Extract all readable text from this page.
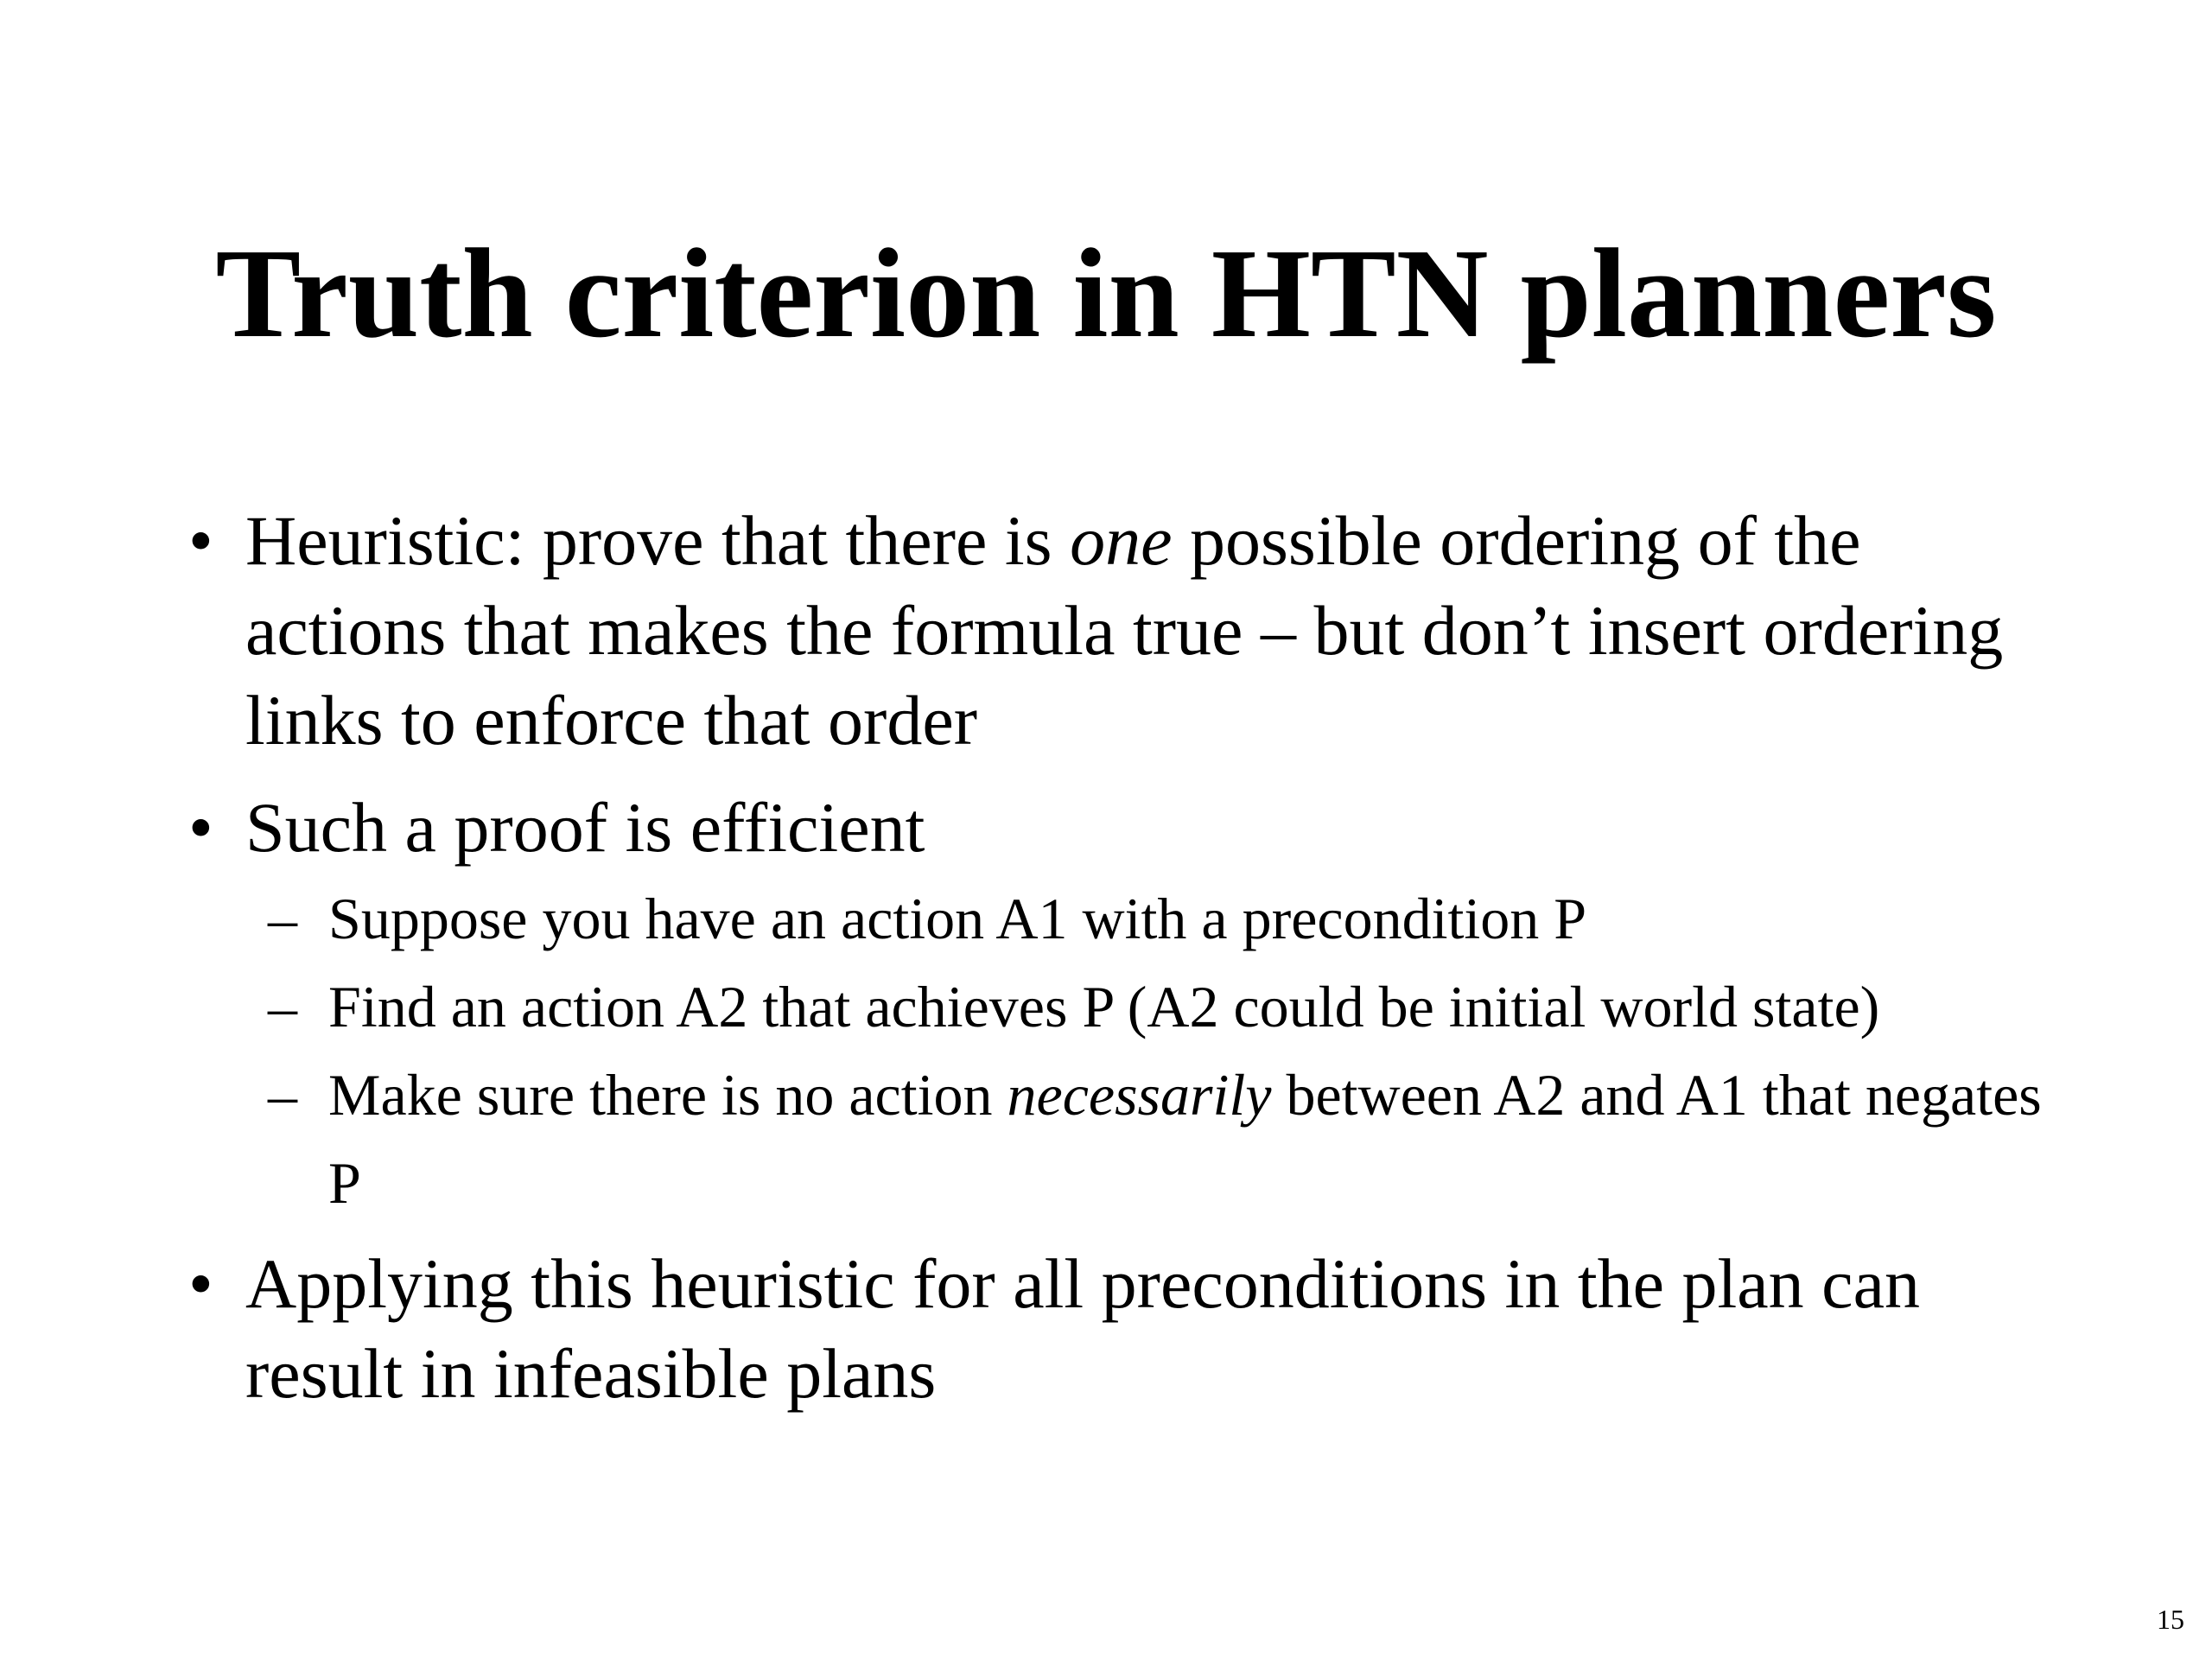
Truth criterion in HTN planners
• Heuristic: prove that there is one possible ordering of the actions that makes the formula true – but don’t insert ordering links to enforce that order
• Such a proof is efficient
– Suppose you have an action A1 with a precondition P
– Find an action A2 that achieves P (A2 could be initial world state)
– Make sure there is no action necessarily between A2 and A1 that negates P
• Applying this heuristic for all preconditions in the plan can result in infeasible plans
15
